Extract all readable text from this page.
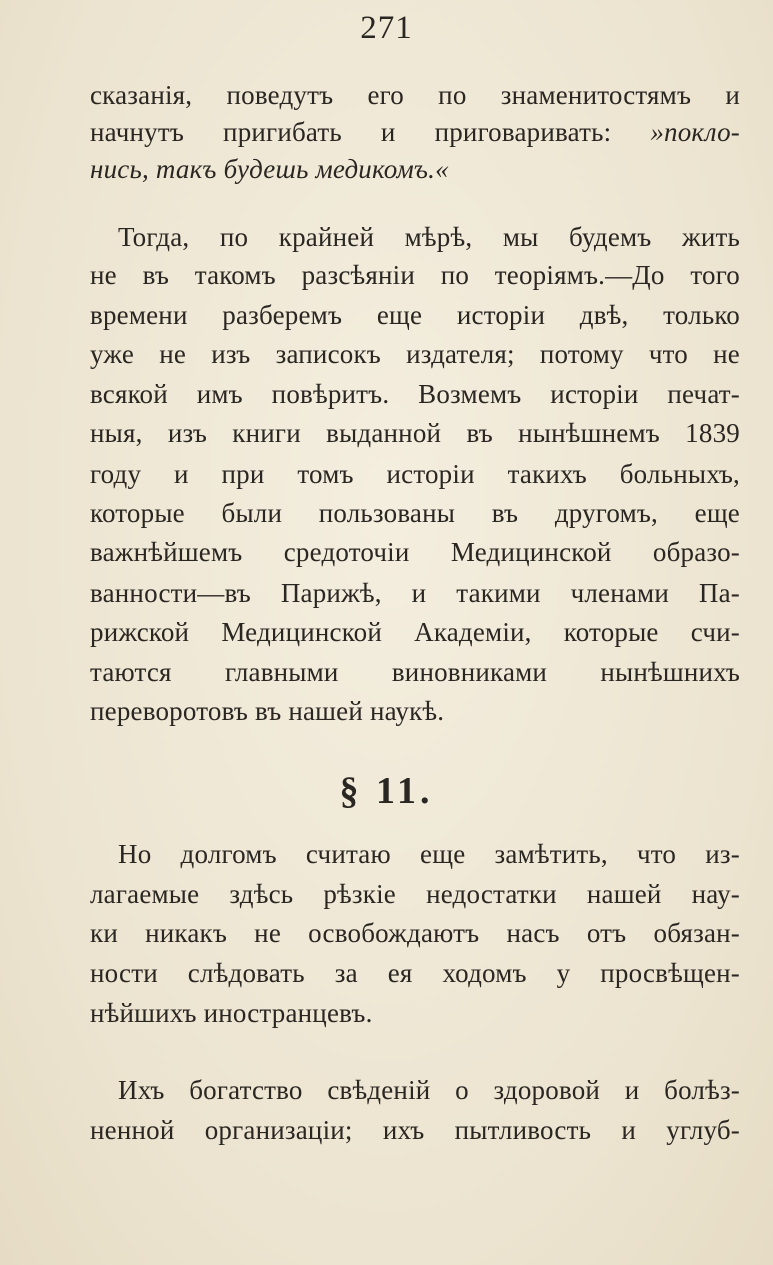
271
сказанія, поведутъ его по знаменитостямъ и
начнутъ пригибать и приговаривать: »покло-
нись, такъ будешь медикомъ.«
Тогда, по крайней мѣрѣ, мы будемъ жить
не въ такомъ разсѣяніи по теоріямъ.—До того
времени разберемъ еще исторіи двѣ, только
уже не изъ записокъ издателя; потому что не
всякой имъ повѣритъ. Возмемъ исторіи печат-
ныя, изъ книги выданной въ нынѣшнемъ 1839
году и при томъ исторіи такихъ больныхъ,
которые были пользованы въ другомъ, еще
важнѣйшемъ средоточіи Медицинской образо-
ванности—въ Парижѣ, и такими членами Па-
рижской Медицинской Академіи, которые счи-
таются главными виновниками нынѣшнихъ
переворотовъ въ нашей наукѣ.
§ 11.
Но долгомъ считаю еще замѣтить, что из-
лагаемые здѣсь рѣзкіе недостатки нашей нау-
ки никакъ не освобождаютъ насъ отъ обязан-
ности слѣдовать за ея ходомъ у просвѣщен-
нѣйшихъ иностранцевъ.
Ихъ богатство свѣденій о здоровой и болѣз-
ненной организаціи; ихъ пытливость и углуб-
